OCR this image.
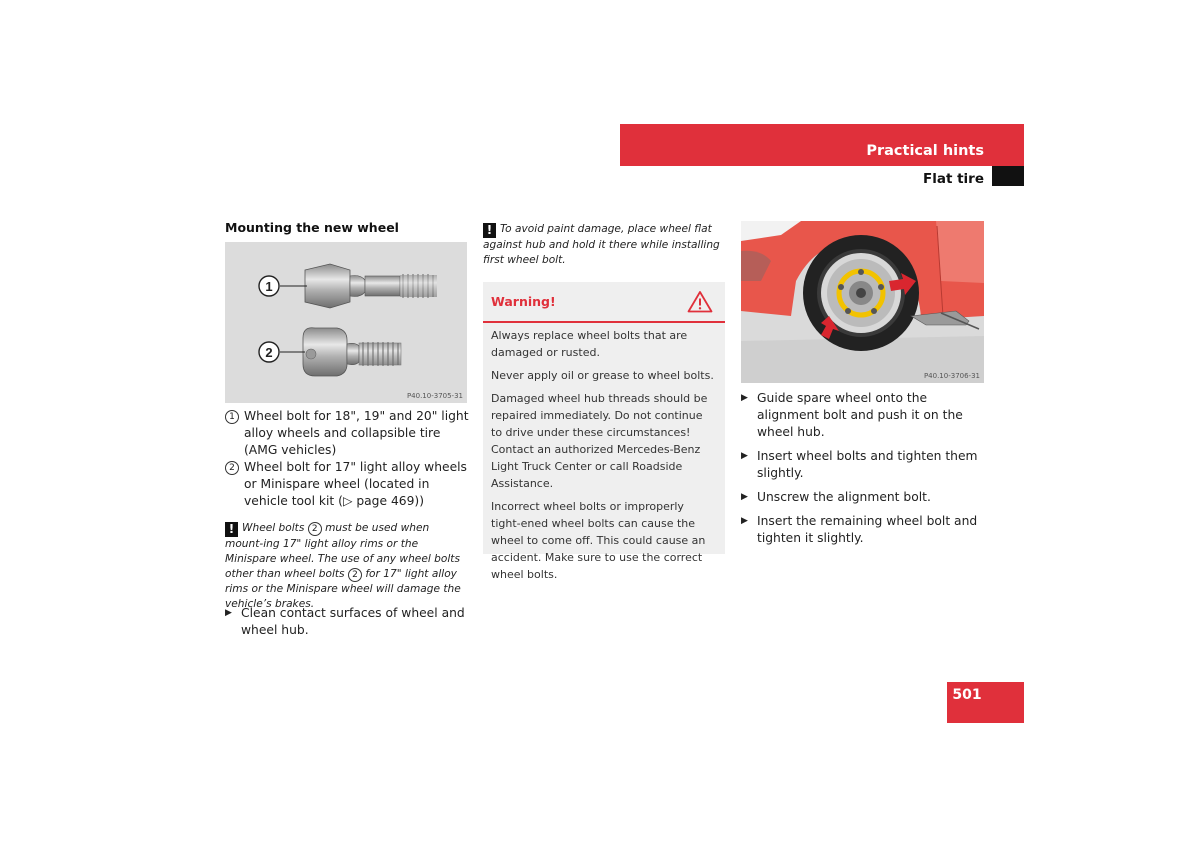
Practical hints
Flat tire
Mounting the new wheel
1
2
P40.10-3705-31
1 Wheel bolt for 18", 19" and 20" light alloy wheels and collapsible tire (AMG vehicles)
2 Wheel bolt for 17" light alloy wheels or Minispare wheel (located in vehicle tool kit (▷ page 469))
! Wheel bolts 2 must be used when mount-ing 17" light alloy rims or the Minispare wheel. The use of any wheel bolts other than wheel bolts 2 for 17" light alloy rims or the Minispare wheel will damage the vehicle’s brakes.
▶ Clean contact surfaces of wheel and wheel hub.
! To avoid paint damage, place wheel flat against hub and hold it there while installing first wheel bolt.
Warning!

Always replace wheel bolts that are damaged or rusted.

Never apply oil or grease to wheel bolts.

Damaged wheel hub threads should be repaired immediately. Do not continue to drive under these circumstances! Contact an authorized Mercedes-Benz Light Truck Center or call Roadside Assistance.

Incorrect wheel bolts or improperly tight-ened wheel bolts can cause the wheel to come off. This could cause an accident. Make sure to use the correct wheel bolts.

P40.10-3706-31
▶ Guide spare wheel onto the alignment bolt and push it on the wheel hub.
▶ Insert wheel bolts and tighten them slightly.
▶ Unscrew the alignment bolt.
▶ Insert the remaining wheel bolt and tighten it slightly.
501
